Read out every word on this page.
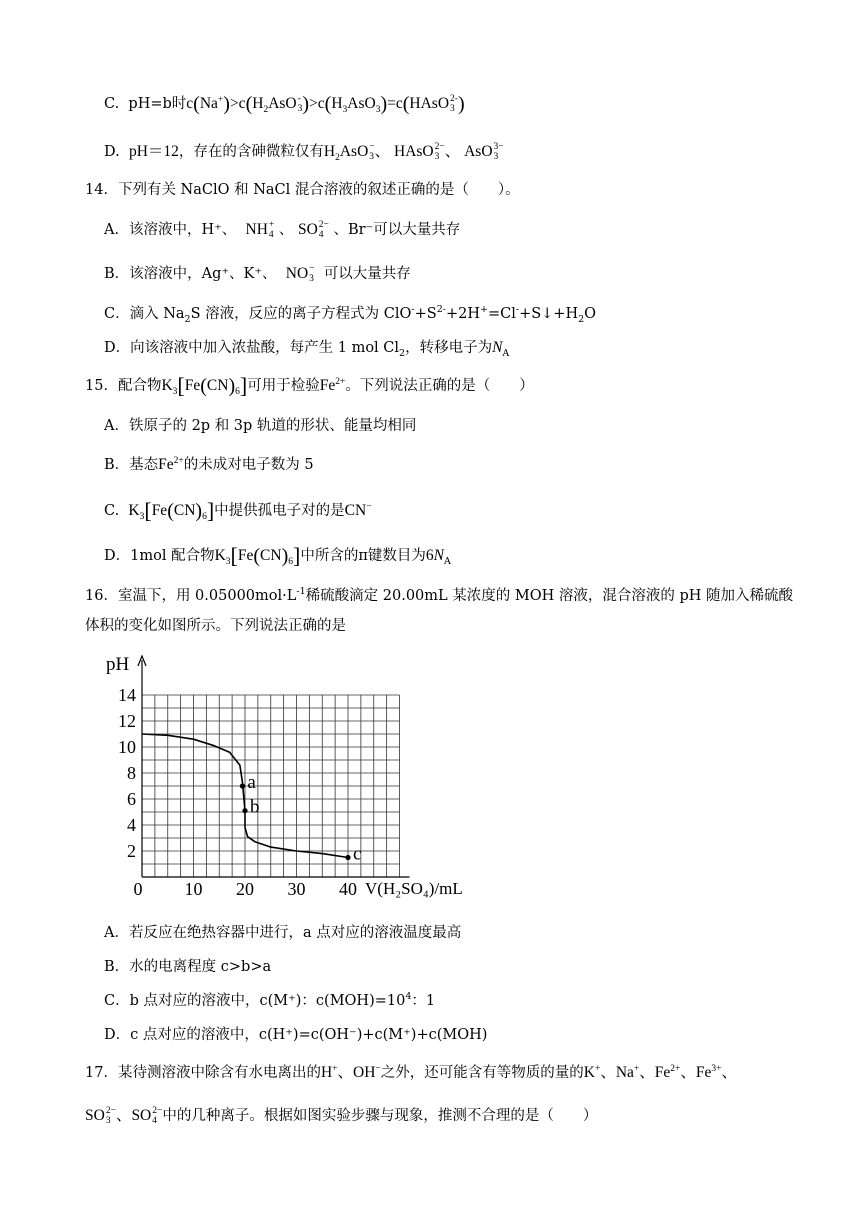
C. pH=b时$c(Na^+)>c(H_2AsO$ -
3 )$>c(H_3AsO_3)=c(HAsO$ 2-
3 )
D. pH＝12，存在的含砷微粒仅有$H_2AsO$ −
3 、 HAsO 2−
3 、 AsO 3−
3
14．下列有关 NaClO 和 NaCl 混合溶液的叙述正确的是（　　）。
A．该溶液中，H⁺、 NH +
4 、 SO 2−
4 、Br⁻可以大量共存
B．该溶液中，Ag⁺、K⁺、 NO −
3 可以大量共存
C．滴入 $Na_2S$ 溶液，反应的离子方程式为 $ClO^-+S^{2-}+2H^+=Cl^-+S↓+H_2O$
D．向该溶液中加入浓盐酸，每产生 1 mol $Cl_2$，转移电子为$N_A$
15．配合物$K_3[Fe(CN)_6]$可用于检验$Fe^{2+}$。下列说法正确的是（　　）
A．铁原子的 2p 和 3p 轨道的形状、能量均相同
B．基态$Fe^{2+}$的未成对电子数为 5
C. $K_3[Fe(CN)_6]$中提供孤电子对的是CN−
D．1mol 配合物$K_3[Fe(CN)_6]$中所含的π键数目为$6N_A$
16．室温下，用 $0.05000mol\cdot L^{-1}$稀硫酸滴定 20.00mL 某浓度的 MOH 溶液，混合溶液的 pH 随加入稀硫酸
体积的变化如图所示。下列说法正确的是
pH
V(H₂SO₄)/mL
2
4
6
8
10
12
14
0 10 20 30 40
a
b
c
A．若反应在绝热容器中进行，a 点对应的溶液温度最高
B．水的电离程度 c>b>a
C．b 点对应的溶液中，c(M⁺)：$c(MOH)=10^4$：1
D．c 点对应的溶液中，c(H⁺)=c(OH⁻)+c(M⁺)+c(MOH)
17．某待测溶液中除含有水电离出的H+、OH−之外，还可能含有等物质的量的K+、Na+、$Fe^{2+}$、$Fe^{3+}$、
SO 2−
3 、SO 2−
4 中的几种离子。根据如图实验步骤与现象，推测不合理的是（　　）
